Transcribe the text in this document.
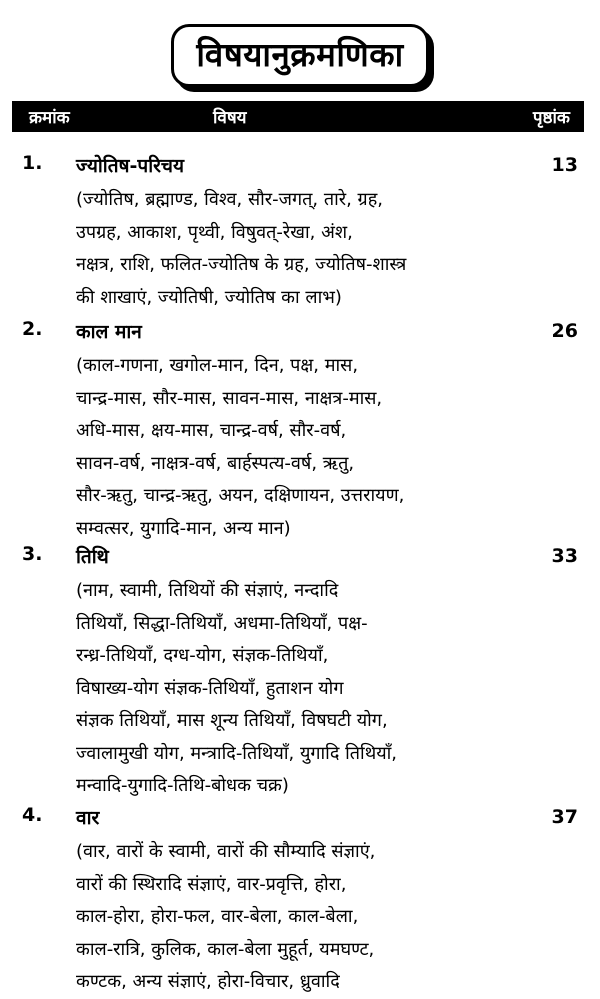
विषयानुक्रमणिका
क्रमांक	विषय	पृष्ठांक
1. ज्योतिष-परिचय	13
(ज्योतिष, ब्रह्माण्ड, विश्व, सौर-जगत्, तारे, ग्रह,
उपग्रह, आकाश, पृथ्वी, विषुवत्-रेखा, अंश,
नक्षत्र, राशि, फलित-ज्योतिष के ग्रह, ज्योतिष-शास्त्र
की शाखाएं, ज्योतिषी, ज्योतिष का लाभ)
2. काल मान	26
(काल-गणना, खगोल-मान, दिन, पक्ष, मास,
चान्द्र-मास, सौर-मास, सावन-मास, नाक्षत्र-मास,
अधि-मास, क्षय-मास, चान्द्र-वर्ष, सौर-वर्ष,
सावन-वर्ष, नाक्षत्र-वर्ष, बार्हस्पत्य-वर्ष, ऋतु,
सौर-ऋतु, चान्द्र-ऋतु, अयन, दक्षिणायन, उत्तरायण,
सम्वत्सर, युगादि-मान, अन्य मान)
3. तिथि	33
(नाम, स्वामी, तिथियों की संज्ञाएं, नन्दादि
तिथियाँ, सिद्धा-तिथियाँ, अधमा-तिथियाँ, पक्ष-
रन्ध्र-तिथियाँ, दग्ध-योग, संज्ञक-तिथियाँ,
विषाख्य-योग संज्ञक-तिथियाँ, हुताशन योग
संज्ञक तिथियाँ, मास शून्य तिथियाँ, विषघटी योग,
ज्वालामुखी योग, मन्त्रादि-तिथियाँ, युगादि तिथियाँ,
मन्वादि-युगादि-तिथि-बोधक चक्र)
4. वार	37
(वार, वारों के स्वामी, वारों की सौम्यादि संज्ञाएं,
वारों की स्थिरादि संज्ञाएं, वार-प्रवृत्ति, होरा,
काल-होरा, होरा-फल, वार-बेला, काल-बेला,
काल-रात्रि, कुलिक, काल-बेला मुहूर्त, यमघण्ट,
कण्टक, अन्य संज्ञाएं, होरा-विचार, ध्रुवादि
